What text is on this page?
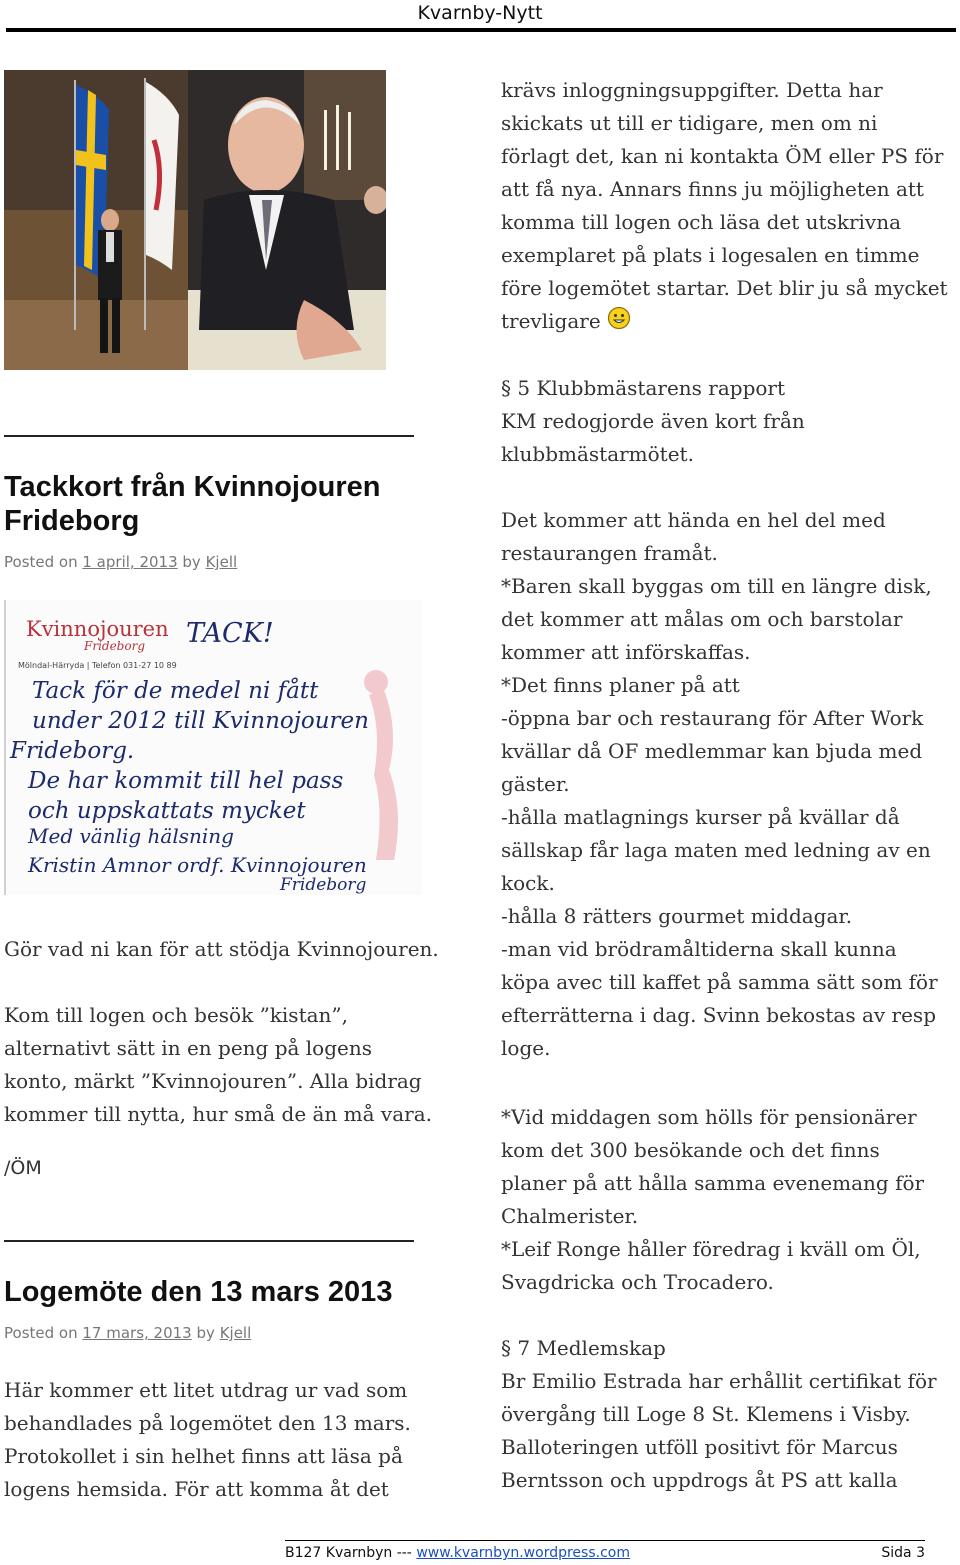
Kvarnby-Nytt
Tackkort från Kvinnojouren Frideborg
Posted on 1 april, 2013 by Kjell
Kvinnojouren
Frideborg
Mölndal-Härryda | Telefon 031-27 10 89
TACK!
Tack för de medel ni fått
under 2012 till Kvinnojouren
Frideborg.
De har kommit till hel pass
och uppskattats mycket
Med vänlig hälsning
Kristin Amnor ordf. Kvinnojouren
Frideborg
Gör vad ni kan för att stödja Kvinnojouren.
Kom till logen och besök ”kistan”, alternativt sätt in en peng på logens konto, märkt ”Kvinnojouren”. Alla bidrag kommer till nytta, hur små de än må vara.
/ÖM
Logemöte den 13 mars 2013
Posted on 17 mars, 2013 by Kjell
Här kommer ett litet utdrag ur vad som behandlades på logemötet den 13 mars. Protokollet i sin helhet finns att läsa på logens hemsida. För att komma åt det
krävs inloggningsuppgifter. Detta har skickats ut till er tidigare, men om ni förlagt det, kan ni kontakta ÖM eller PS för att få nya. Annars finns ju möjligheten att komma till logen och läsa det utskrivna exemplaret på plats i logesalen en timme före logemötet startar. Det blir ju så mycket trevligare

§ 5 Klubbmästarens rapport

KM redogjorde även kort från klubbmästarmötet.

Det kommer att hända en hel del med restaurangen framåt.

*Baren skall byggas om till en längre disk, det kommer att målas om och barstolar kommer att införskaffas.

*Det finns planer på att

-öppna bar och restaurang för After Work kvällar då OF medlemmar kan bjuda med gäster.

-hålla matlagnings kurser på kvällar då sällskap får laga maten med ledning av en kock.

-hålla 8 rätters gourmet middagar.

-man vid brödramåltiderna skall kunna köpa avec till kaffet på samma sätt som för efterrätterna i dag. Svinn bekostas av resp loge.

*Vid middagen som hölls för pensionärer kom det 300 besökande och det finns planer på att hålla samma evenemang för Chalmerister.

*Leif Ronge håller föredrag i kväll om Öl, Svagdricka och Trocadero.

§ 7 Medlemskap

Br Emilio Estrada har erhållit certifikat för övergång till Loge 8 St. Klemens i Visby. Balloteringen utföll positivt för Marcus Berntsson och uppdrogs åt PS att kalla

B127 Kvarnbyn --- www.kvarnbyn.wordpress.com	Sida 3
